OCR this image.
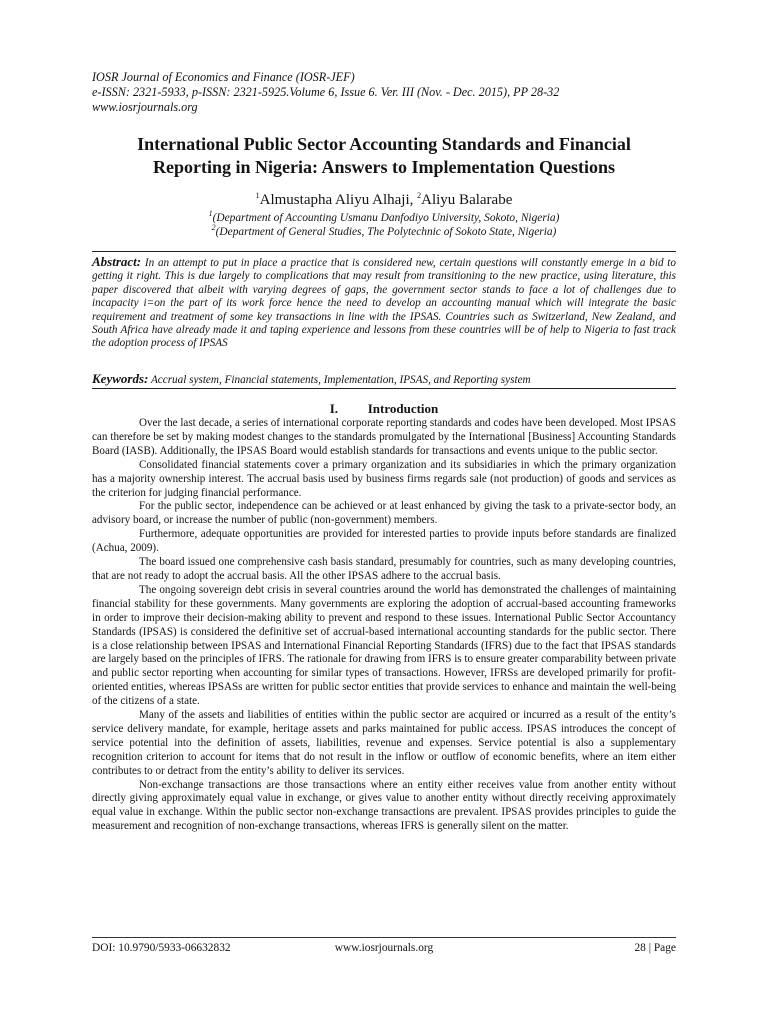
IOSR Journal of Economics and Finance (IOSR-JEF)
e-ISSN: 2321-5933, p-ISSN: 2321-5925.Volume 6, Issue 6. Ver. III (Nov. - Dec. 2015), PP 28-32
www.iosrjournals.org
International Public Sector Accounting Standards and Financial
Reporting in Nigeria: Answers to Implementation Questions
$^1$Almustapha Aliyu Alhaji, $^2$Aliyu Balarabe
$^1$(Department of Accounting Usmanu Danfodiyo University, Sokoto, Nigeria)
$^2$(Department of General Studies, The Polytechnic of Sokoto State, Nigeria)
Abstract: In an attempt to put in place a practice that is considered new, certain questions will constantly emerge in a bid to getting it right. This is due largely to complications that may result from transitioning to the new practice, using literature, this paper discovered that albeit with varying degrees of gaps, the government sector stands to face a lot of challenges due to incapacity i=on the part of its work force hence the need to develop an accounting manual which will integrate the basic requirement and treatment of some key transactions in line with the IPSAS. Countries such as Switzerland, New Zealand, and South Africa have already made it and taping experience and lessons from these countries will be of help to Nigeria to fast track the adoption process of IPSAS
Keywords: Accrual system, Financial statements, Implementation, IPSAS, and Reporting system
I. Introduction

Over the last decade, a series of international corporate reporting standards and codes have been developed. Most IPSAS can therefore be set by making modest changes to the standards promulgated by the International [Business] Accounting Standards Board (IASB). Additionally, the IPSAS Board would establish standards for transactions and events unique to the public sector.

Consolidated financial statements cover a primary organization and its subsidiaries in which the primary organization has a majority ownership interest. The accrual basis used by business firms regards sale (not production) of goods and services as the criterion for judging financial performance.

For the public sector, independence can be achieved or at least enhanced by giving the task to a private-sector body, an advisory board, or increase the number of public (non-government) members.

Furthermore, adequate opportunities are provided for interested parties to provide inputs before standards are finalized (Achua, 2009).

The board issued one comprehensive cash basis standard, presumably for countries, such as many developing countries, that are not ready to adopt the accrual basis. All the other IPSAS adhere to the accrual basis.

The ongoing sovereign debt crisis in several countries around the world has demonstrated the challenges of maintaining financial stability for these governments. Many governments are exploring the adoption of accrual-based accounting frameworks in order to improve their decision-making ability to prevent and respond to these issues. International Public Sector Accountancy Standards (IPSAS) is considered the definitive set of accrual-based international accounting standards for the public sector. There is a close relationship between IPSAS and International Financial Reporting Standards (IFRS) due to the fact that IPSAS standards are largely based on the principles of IFRS. The rationale for drawing from IFRS is to ensure greater comparability between private and public sector reporting when accounting for similar types of transactions. However, IFRSs are developed primarily for profit-oriented entities, whereas IPSASs are written for public sector entities that provide services to enhance and maintain the well-being of the citizens of a state.

Many of the assets and liabilities of entities within the public sector are acquired or incurred as a result of the entity’s service delivery mandate, for example, heritage assets and parks maintained for public access. IPSAS introduces the concept of service potential into the definition of assets, liabilities, revenue and expenses. Service potential is also a supplementary recognition criterion to account for items that do not result in the inflow or outflow of economic benefits, where an item either contributes to or detract from the entity’s ability to deliver its services.

Non-exchange transactions are those transactions where an entity either receives value from another entity without directly giving approximately equal value in exchange, or gives value to another entity without directly receiving approximately equal value in exchange. Within the public sector non-exchange transactions are prevalent. IPSAS provides principles to guide the measurement and recognition of non-exchange transactions, whereas IFRS is generally silent on the matter.

DOI: 10.9790/5933-06632832	www.iosrjournals.org	28 | Page
